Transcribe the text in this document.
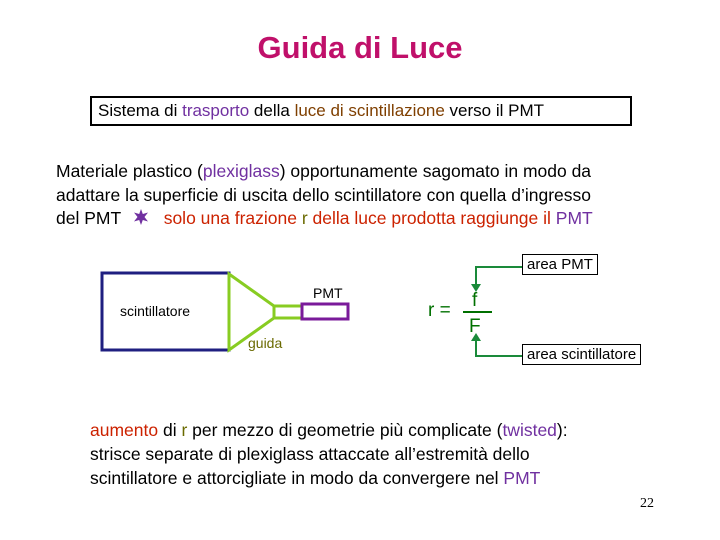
Guida di Luce
Sistema di trasporto della luce di scintillazione verso il PMT
Materiale plastico (plexiglass) opportunamente sagomato in modo da
adattare la superficie di uscita dello scintillatore con quella d’ingresso
del PMT solo una frazione r della luce prodotta raggiunge il PMT
scintillatore
PMT
guida
r = f
F
area PMT
area scintillatore
aumento di r per mezzo di geometrie più complicate (twisted):
strisce separate di plexiglass attaccate all’estremità dello
scintillatore e attorcigliate in modo da convergere nel PMT
22
